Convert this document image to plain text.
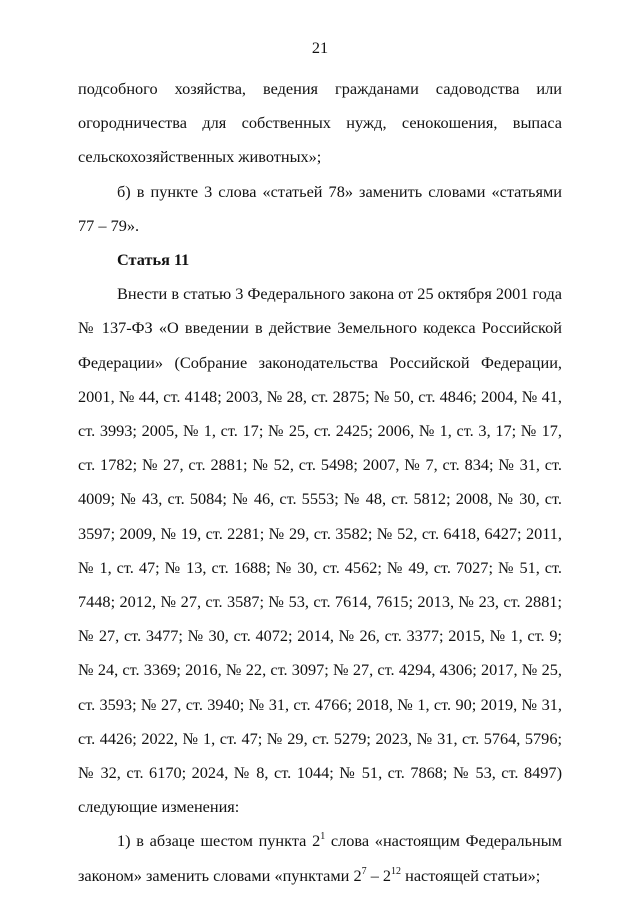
21

подсобного хозяйства, ведения гражданами садоводства или огородничества для собственных нужд, сенокошения, выпаса сельскохозяйственных животных»;

б) в пункте 3 слова «статьей 78» заменить словами «статьями 77 – 79».

Статья 11

Внести в статью 3 Федерального закона от 25 октября 2001 года № 137-ФЗ «О введении в действие Земельного кодекса Российской Федерации» (Собрание законодательства Российской Федерации, 2001, № 44, ст. 4148; 2003, № 28, ст. 2875; № 50, ст. 4846; 2004, № 41, ст. 3993; 2005, № 1, ст. 17; № 25, ст. 2425; 2006, № 1, ст. 3, 17; № 17, ст. 1782; № 27, ст. 2881; № 52, ст. 5498; 2007, № 7, ст. 834; № 31, ст. 4009; № 43, ст. 5084; № 46, ст. 5553; № 48, ст. 5812; 2008, № 30, ст. 3597; 2009, № 19, ст. 2281; № 29, ст. 3582; № 52, ст. 6418, 6427; 2011, № 1, ст. 47; № 13, ст. 1688; № 30, ст. 4562; № 49, ст. 7027; № 51, ст. 7448; 2012, № 27, ст. 3587; № 53, ст. 7614, 7615; 2013, № 23, ст. 2881; № 27, ст. 3477; № 30, ст. 4072; 2014, № 26, ст. 3377; 2015, № 1, ст. 9; № 24, ст. 3369; 2016, № 22, ст. 3097; № 27, ст. 4294, 4306; 2017, № 25, ст. 3593; № 27, ст. 3940; № 31, ст. 4766; 2018, № 1, ст. 90; 2019, № 31, ст. 4426; 2022, № 1, ст. 47; № 29, ст. 5279; 2023, № 31, ст. 5764, 5796; № 32, ст. 6170; 2024, № 8, ст. 1044; № 51, ст. 7868; № 53, ст. 8497) следующие изменения:

1) в абзаце шестом пункта $2^1$ слова «настоящим Федеральным законом» заменить словами «пунктами $2^7 - 2^{12}$ настоящей статьи»;
